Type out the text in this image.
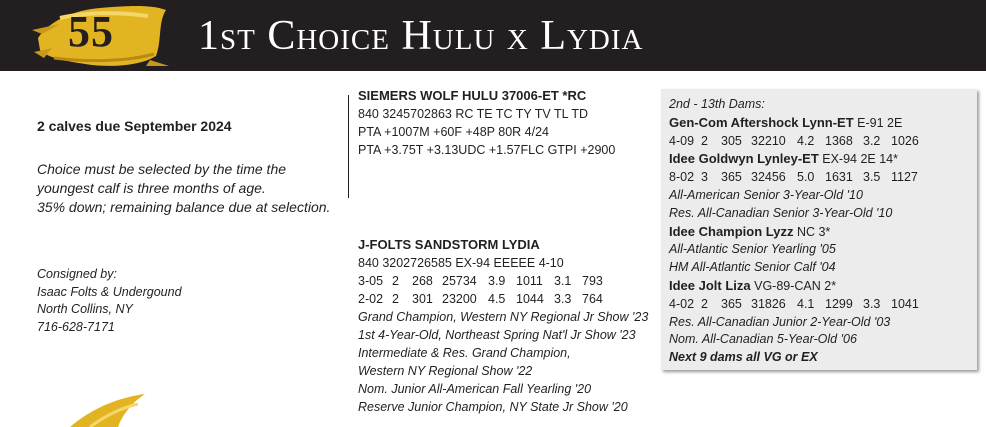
55 1st Choice Hulu x Lydia

2 calves due September 2024

Choice must be selected by the time the

youngest calf is three months of age.

35% down; remaining balance due at selection.

Consigned by:
Isaac Folts & Undergound
North Collins, NY
716-628-7171
SIEMERS WOLF HULU 37006-ET *RC
840 3245702863 RC TE TC TY TV TL TD
PTA +1007M +60F +48P 80R 4/24
PTA +3.75T +3.13UDC +1.57FLC GTPI +2900
J-FOLTS SANDSTORM LYDIA
840 3202726585 EX-94 EEEEE 4-10
3-05 2 268 25734 3.9 1011 3.1 793
2-02 2 301 23200 4.5 1044 3.3 764
Grand Champion, Western NY Regional Jr Show '23
1st 4-Year-Old, Northeast Spring Nat'l Jr Show '23
Intermediate & Res. Grand Champion,
Western NY Regional Show '22
Nom. Junior All-American Fall Yearling '20
Reserve Junior Champion, NY State Jr Show '20
2nd - 13th Dams:
Gen-Com Aftershock Lynn-ET E-91 2E
4-09 2 305 32210 4.2 1368 3.2 1026
Idee Goldwyn Lynley-ET EX-94 2E 14*
8-02 3 365 32456 5.0 1631 3.5 1127
All-American Senior 3-Year-Old '10
Res. All-Canadian Senior 3-Year-Old '10
Idee Champion Lyzz NC 3*
All-Atlantic Senior Yearling '05
HM All-Atlantic Senior Calf '04
Idee Jolt Liza VG-89-CAN 2*
4-02 2 365 31826 4.1 1299 3.3 1041
Res. All-Canadian Junior 2-Year-Old '03
Nom. All-Canadian 5-Year-Old '06
Next 9 dams all VG or EX
